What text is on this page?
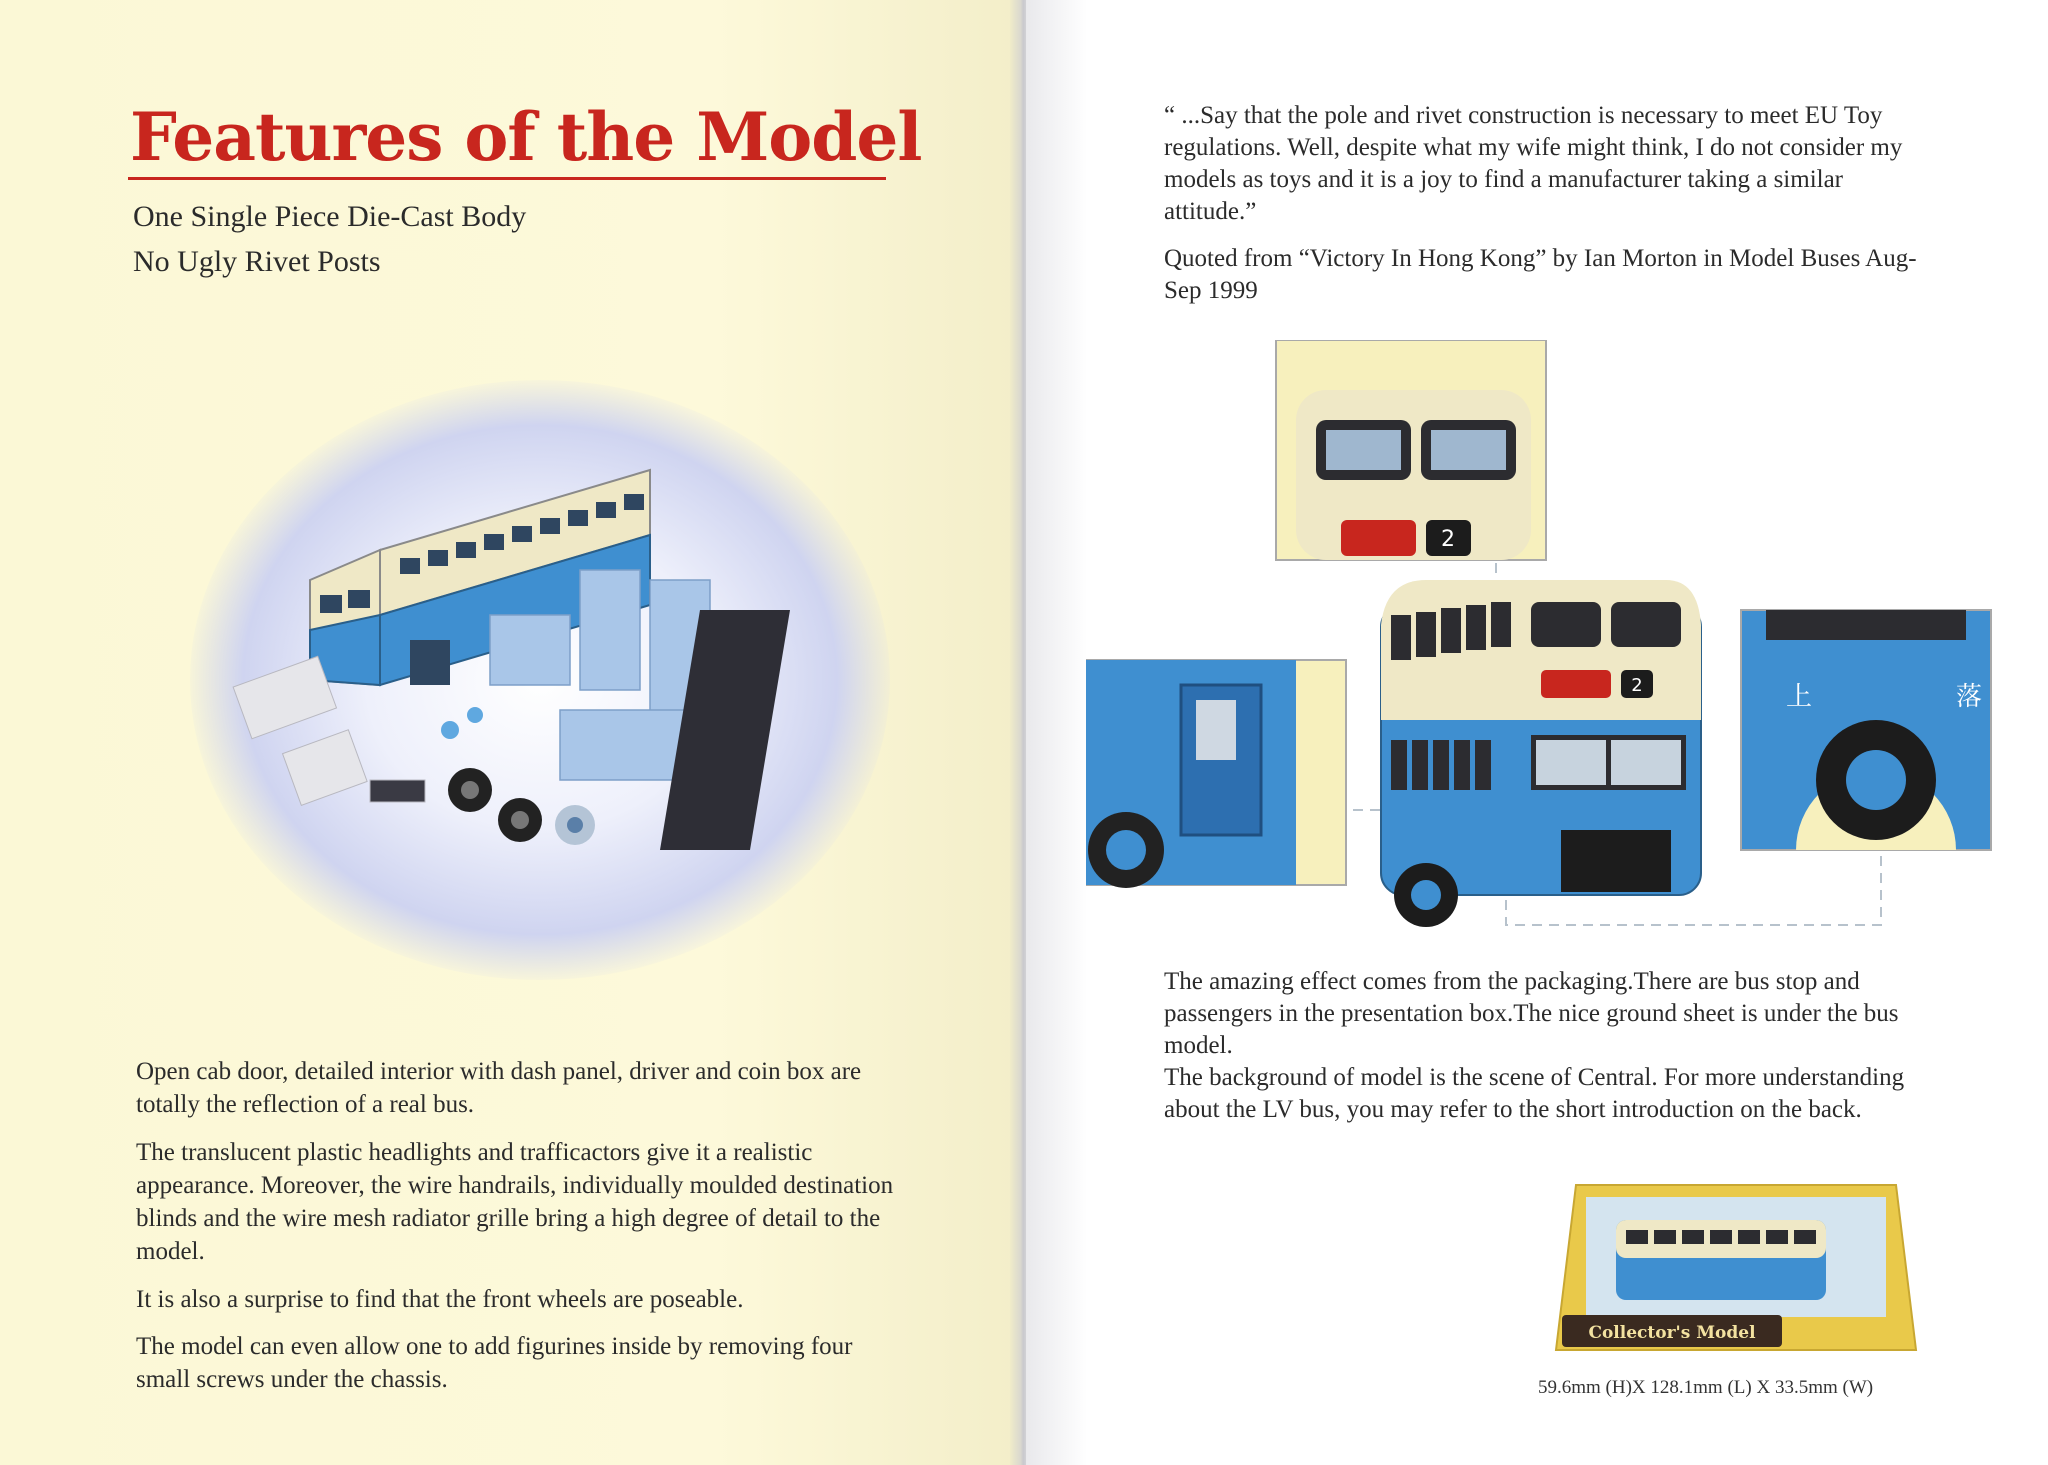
Features of the Model

One Single Piece Die-Cast Body

No Ugly Rivet Posts

Open cab door, detailed interior with dash panel, driver and coin box are totally the reflection of a real bus.

The translucent plastic headlights and trafficactors give it a realistic appearance. Moreover, the wire handrails, individually moulded destination blinds and the wire mesh radiator grille bring a high degree of detail to the model.

It is also a surprise to find that the front wheels are poseable.

The model can even allow one to add figurines inside by removing four small screws under the chassis.

“ ...Say that the pole and rivet construction is necessary to meet EU Toy regulations. Well, despite what my wife might think, I do not consider my models as toys and it is a joy to find a manufacturer taking a similar attitude.”

Quoted from “Victory In Hong Kong” by Ian Morton in Model Buses Aug-Sep 1999

2
2	上	落

The amazing effect comes from the packaging.There are bus stop and passengers in the presentation box.The nice ground sheet is under the bus model.

The background of model is the scene of Central. For more understanding about the LV bus, you may refer to the short introduction on the back.

Collector's Model

59.6mm (H)X 128.1mm (L) X 33.5mm (W)
